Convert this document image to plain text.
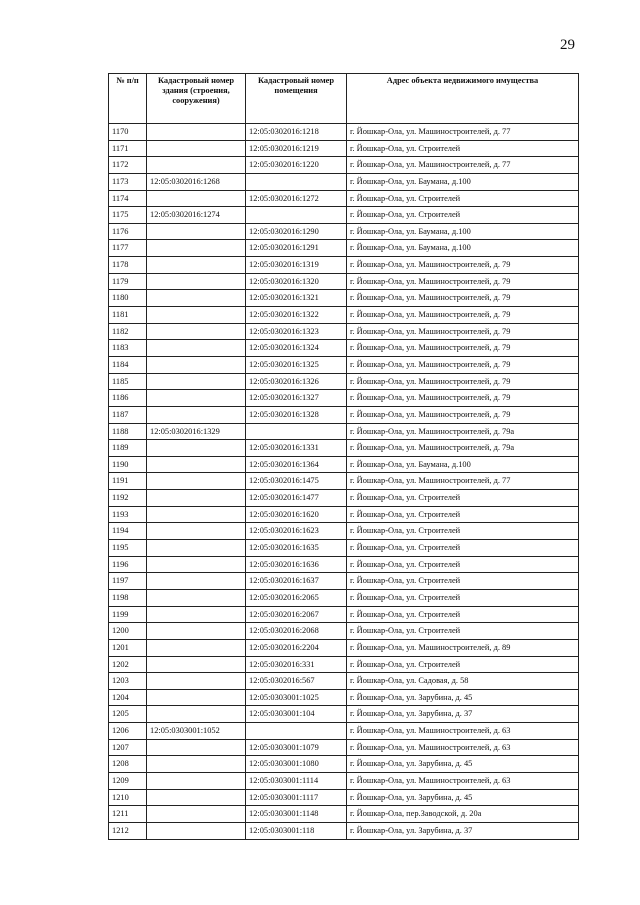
29
№ п/п	Кадастровый номер здания (строения, сооружения)	Кадастровый номер помещения	Адрес объекта недвижимого имущества
1170		12:05:0302016:1218	г. Йошкар-Ола, ул. Машиностроителей, д. 77
1171		12:05:0302016:1219	г. Йошкар-Ола, ул. Строителей
1172		12:05:0302016:1220	г. Йошкар-Ола, ул. Машиностроителей, д. 77
1173	12:05:0302016:1268		г. Йошкар-Ола, ул. Баумана, д.100
1174		12:05:0302016:1272	г. Йошкар-Ола, ул. Строителей
1175	12:05:0302016:1274		г. Йошкар-Ола, ул. Строителей
1176		12:05:0302016:1290	г. Йошкар-Ола, ул. Баумана, д.100
1177		12:05:0302016:1291	г. Йошкар-Ола, ул. Баумана, д.100
1178		12:05:0302016:1319	г. Йошкар-Ола, ул. Машиностроителей, д. 79
1179		12:05:0302016:1320	г. Йошкар-Ола, ул. Машиностроителей, д. 79
1180		12:05:0302016:1321	г. Йошкар-Ола, ул. Машиностроителей, д. 79
1181		12:05:0302016:1322	г. Йошкар-Ола, ул. Машиностроителей, д. 79
1182		12:05:0302016:1323	г. Йошкар-Ола, ул. Машиностроителей, д. 79
1183		12:05:0302016:1324	г. Йошкар-Ола, ул. Машиностроителей, д. 79
1184		12:05:0302016:1325	г. Йошкар-Ола, ул. Машиностроителей, д. 79
1185		12:05:0302016:1326	г. Йошкар-Ола, ул. Машиностроителей, д. 79
1186		12:05:0302016:1327	г. Йошкар-Ола, ул. Машиностроителей, д. 79
1187		12:05:0302016:1328	г. Йошкар-Ола, ул. Машиностроителей, д. 79
1188	12:05:0302016:1329		г. Йошкар-Ола, ул. Машиностроителей, д. 79а
1189		12:05:0302016:1331	г. Йошкар-Ола, ул. Машиностроителей, д. 79а
1190		12:05:0302016:1364	г. Йошкар-Ола, ул. Баумана, д.100
1191		12:05:0302016:1475	г. Йошкар-Ола, ул. Машиностроителей, д. 77
1192		12:05:0302016:1477	г. Йошкар-Ола, ул. Строителей
1193		12:05:0302016:1620	г. Йошкар-Ола, ул. Строителей
1194		12:05:0302016:1623	г. Йошкар-Ола, ул. Строителей
1195		12:05:0302016:1635	г. Йошкар-Ола, ул. Строителей
1196		12:05:0302016:1636	г. Йошкар-Ола, ул. Строителей
1197		12:05:0302016:1637	г. Йошкар-Ола, ул. Строителей
1198		12:05:0302016:2065	г. Йошкар-Ола, ул. Строителей
1199		12:05:0302016:2067	г. Йошкар-Ола, ул. Строителей
1200		12:05:0302016:2068	г. Йошкар-Ола, ул. Строителей
1201		12:05:0302016:2204	г. Йошкар-Ола, ул. Машиностроителей, д. 89
1202		12:05:0302016:331	г. Йошкар-Ола, ул. Строителей
1203		12:05:0302016:567	г. Йошкар-Ола, ул. Садовая, д. 58
1204		12:05:0303001:1025	г. Йошкар-Ола, ул. Зарубина, д. 45
1205		12:05:0303001:104	г. Йошкар-Ола, ул. Зарубина, д. 37
1206	12:05:0303001:1052		г. Йошкар-Ола, ул. Машиностроителей, д. 63
1207		12:05:0303001:1079	г. Йошкар-Ола, ул. Машиностроителей, д. 63
1208		12:05:0303001:1080	г. Йошкар-Ола, ул. Зарубина, д. 45
1209		12:05:0303001:1114	г. Йошкар-Ола, ул. Машиностроителей, д. 63
1210		12:05:0303001:1117	г. Йошкар-Ола, ул. Зарубина, д. 45
1211		12:05:0303001:1148	г. Йошкар-Ола, пер.Заводской, д. 20а
1212		12:05:0303001:118	г. Йошкар-Ола, ул. Зарубина, д. 37
